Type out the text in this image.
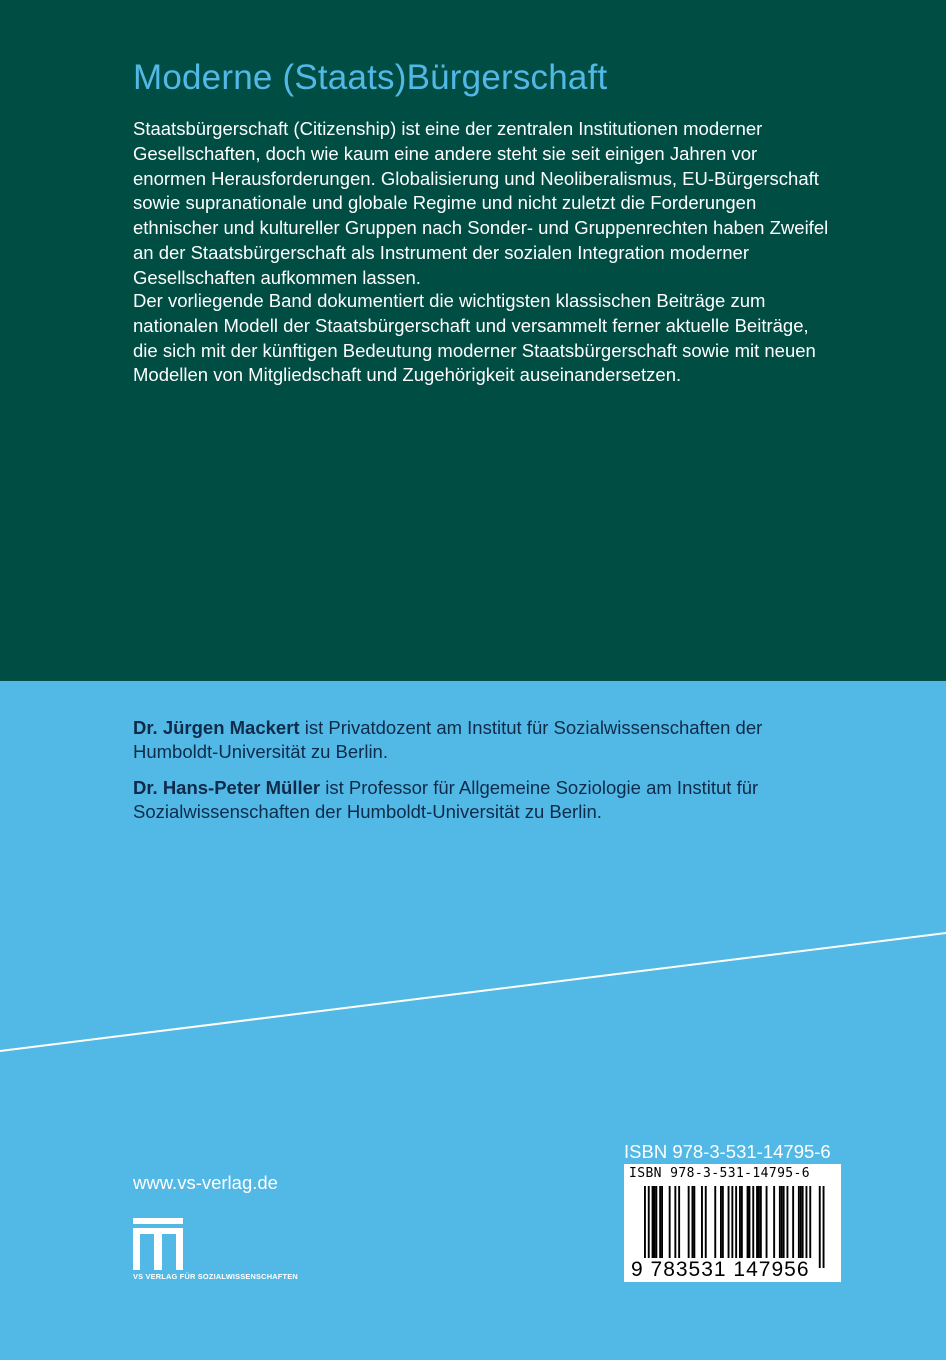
Moderne (Staats)Bürgerschaft

Staatsbürgerschaft (Citizenship) ist eine der zentralen Institutionen moderner Gesellschaften, doch wie kaum eine andere steht sie seit einigen Jahren vor enormen Herausforderungen. Globalisierung und Neoliberalismus, EU-Bürgerschaft sowie supranationale und globale Regime und nicht zuletzt die Forderungen ethnischer und kultureller Gruppen nach Sonder- und Gruppenrechten haben Zweifel an der Staatsbürgerschaft als Instrument der sozialen Integration moderner Gesellschaften aufkommen lassen.

Der vorliegende Band dokumentiert die wichtigsten klassischen Beiträge zum nationalen Modell der Staatsbürgerschaft und versammelt ferner aktuelle Beiträge, die sich mit der künftigen Bedeutung moderner Staatsbürgerschaft sowie mit neuen Modellen von Mitgliedschaft und Zugehörigkeit auseinandersetzen.

Dr. Jürgen Mackert ist Privatdozent am Institut für Sozialwissenschaften der Humboldt-Universität zu Berlin.

Dr. Hans-Peter Müller ist Professor für Allgemeine Soziologie am Institut für Sozialwissenschaften der Humboldt-Universität zu Berlin.

www.vs-verlag.de
VS VERLAG FÜR SOZIALWISSENSCHAFTEN
ISBN 978-3-531-14795-6
ISBN 978-3-531-14795-6
9 783531 147956
